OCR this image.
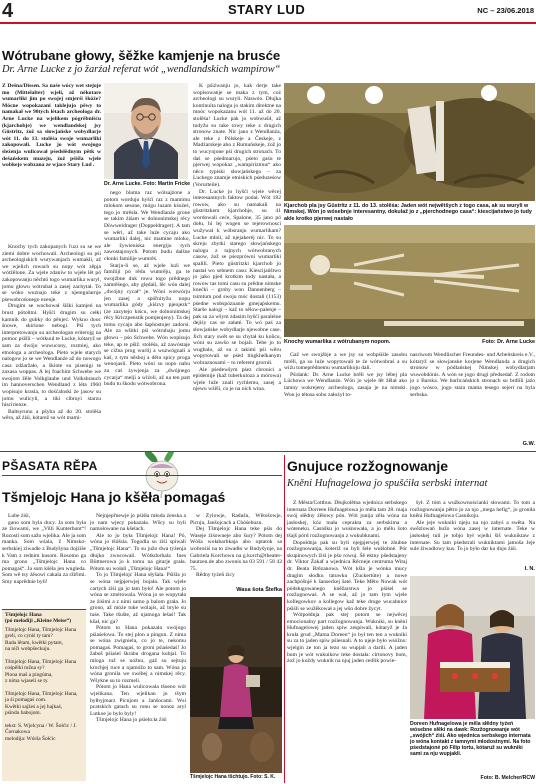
4	STARY LUD	NC – 23/06.2018
Wótrubane głowy, šěžke kamjenje na brusće
Dr. Arne Lucke z jo žarźał referat wót „wendlandskich wampirow“
Z Dešna/Dissen. Sa naše wócy wet stejoje mo (Mittelalter) wjeli, až někotare wumarliki jim po swojej smjerśi škóźe? Mócne wopokazani taklejujo pěwy to namakał we 90tych létach archeologa dr. Arne Lucke na wjelikem pógrěbnišću (kjarchobje) we wendlandskej jsy Güstritz, źož sa słowjańske wobydlarje wót 11. do 13. stolěśa swoje wumarliki zakopowali. Lucke jo wót swojogo sleźenja wulicował pśedsłědnym pětk w dešańskem muzeju, źož pśiśla wjele wobkeje wobzana ze wjace Stary Lud .
Dr. Arne Lucke. Foto: Martin Fricke

Knochy tych zakopanych ľuzi su se we ziemi dobre wochowali. Archeologi su pśi archeologiskich wurywanjach wumakli, až we wjelich rowach su nopy wót zěpja wótźělone. Za wjele zdaniw to wjele lět pó zakopowanju něchtó togo wumarlika wuryl, jomu głowu wótrubał a zasej zachytał. To se wóko wuznajo teke z njeregularnje pśewobrośonego ezenje.

Drugim se wochował šiški kamjeń na brust pótoňtni. Hyšći drugim su cełki kamnik do gubky do pěnjeć. Wykno dooc śnowe, skirione nebogi. Pśi tych interpretowanju su archeologan eriterojg na pomoc pśišli – wótkuul te Lucke, kótaryž se sam za dwóju wuwucony, rozmiej, ako etnologa a archeologa. Pieto wjele starych nalogow jo se we Wendlanźe až do nowogo casa zdźaržało, a škiote su pisenigi te zaxasa woppas. A lej foachim Schwebe we swojom žěle Volkglaube und Volksbrauch im hannoverschen Wendland z léta 1960 wopisujo krasla, to dośćalnski że jasow su jomu wulicyli, a tiki cibruyi starzu hiscirienze.

Baltsyrunu a pšyba až do 20. stolěśa wěra, až źiśi, kótarež su wót mami-

nego bluma raz wótsajżone a potom worduju hyšći raz z mamimu mlokom sesone, mógu luzam kśoźeś, tego jo mrěsła. We Wendlanźe grone se takim źiśam w dolnonimskej rěcy Döwweldrager (Doppeldrager). A tam se wěri, až take luźe cycaju ako wumarliki dalej, nic mamine mloko, ale žywieniska energiju tych zawostajonych. Potom budu dalšne cłonki familije wumrěś.

Starju-li se, až wjele luźi we familiji pó rědu wumrěju, ga te swojźbne duk rowu togo prědnego zamrěśego, aby ględali, lěc wón dalej „dwójny cycał“ je. Wóni wotwórju jen zasej a spóřnityžu nopu wumarlika gódy „kiśzvy pjenjezk“ (ze zazytejo kiścu, we dolnonimskej rěcy Kriczpenstik pomjenjeny). Ta dej tomu cycaju abo šaphostojer zadorsi. Ale za wšitki pśi wótrubaju jomu głowu – pśo Schwebe. Wón wopisujo teke, ap te pšiž. stolěśa, až zawóstaje se cižna prog wurlij a wuzwógnali a kaš, z tym něsboj a dětu spicy proga wenojasli. Pieto wóni su nopo nabu zu caś żywjenja za „dwójnego cycarja“ melji a wiźoli, až na ten part budu tu škodu wótwobrona.

K pśiźwanju jo, kak derje take wopisowanje se maka z tym, coż archeologi su wuryli. Naswóo. Dłujka kontinuita nalogu jo stakim direktne na mnóc wopokazanu wót 11. až do 20. stolěśa! Lucke pak jo wobwuśił, až tudyžu su take rowy teke z drugich stronow znate. Nic jano z Wendlanźa, ale teke z Pólskeje a Českeje, z Madźarskeje abo z Rumuńskeje, źož jo to wucynjone pśi drugich stronach. To daś se pśedmarujo, pśeto gaśu te pjerwej wopokaz „wampirizmus“ ako něco typiski słowjańskego – za Luckego znamje etniskich pśeduześow (Vorurteile).

Dr. Lucke jo hyšći wjele wěcej interesantnych faktow podał. Wót 182 rowow, ako su namakali na güstritzkem kjarchobje, su 41 wordowali ceće, Spalone, 35 jano pó dołu, hi lej wogen se tejerownosci wužywał k wóbsranju wumarlikam? Lucke mlnii, až njejakeréj nic. To su skreju zbytki starego słowjańskego nalogu z tajnych wótwobranych casow, źož se pśezprówni wumarliki spalili. Pieto güstritzki kjarchob jo nastał wo sebnem casu: Kiescijańštwo jo jako pjed krotkim tody nastała, a rowow tas tomi casu su prědne nimske knećki – groby won Dannenberg – tsimtum pod swoju móc dostali (1153) pśedne wobspóznanie gmejaṕskemu. Starše nalogi – kaž to sělow-palenje – pak su za wšym zdasim hyšći paralelne dejiśy cas se załaté. To wó paś za słowjańske wobydlarje njewobne case. Jich stary swět se su chytał ku koñcu, wóni su zawšo se bojali. Tebe jo to wugbalo, až su z takimi pśi wěru wopytowali se pśed tingkhelkanym wobraznosami – to referent grornił.

Ale pśedewšym pśez chronici a epidemije (kaž tuberkuloza a mórowa) wjele luže znali rychlemu, zasej a njewu wźěli, co je na nich wina.

Kjarchob pla jsy Güstritz z 11. do 13. stolěśa: Jaden wót nejwětšych z togo casa, ak su wuryli w Nimskej. Wón jo wósebnje interesantny, dokulaž jo z „pjerchodnego casa“: kiescijaństwo jo tudy akle krotko pjerwej nastało
Knochy wumarlika z wótrubanym nopom.	Foto: Dr. Arne Lucke

Gaž we swojźbje a we jsy su wobpśiśle zasobu mrěli, ga su luźe wopytowali te źe wótwobraś a su wiźu tomeprědnemu wumarlikoju dali.

Pśidank: Dr. Arne Lucke brěli we jsy lébej pla Lüchowa we Wendlanźe. Wón jo wjele lět žělał ako tamny wokrejeny archeologa, zasaja je na nimski. Won jo tétosa sobu założył to-

nasriwom Wendlischer Freundes- und Arbeitskreis e.V., kótaryž se słowjanske korjene Wendlanda a drugich stronow w pódlańskej Nimskej wobydlarjam wuwobdónis. A wón se jogo drugi předsedař. Z rodom jo z Barska. We barlicańskich stronach su brdlili jaźo jogo wósco, jogo stara mama tesego sejeri na byla serbska.
G.W.
PŠASATA RĚPA
Tšmjelojc Hana jo kšěła pomagaś

Lube źiśi,

gano som byla ducy. Ja som była ze žiowami, we „Villi Kunterbunt“! Rozostí som sažo wjelika. Ale ja som manka. Som wśala, ž Nimsko-serbskiej ziwadle z Budyšyna dojźiše k Vam z redním kusom. Rosomo ga ma grono „Tšmjelojc Hana co pomagaś“. Ja som kšéla jen wugleda. Som wě tsy źěsowi cakala za ržiŕimi. Smy naprědnie byli!

Tšmjelojc Hana
(pó melodiji „Kleine Meise“)
Tšmjelojc Hana, Tšmjelojc Hana
greli, co cyniś ty tam?
Rada lětam, kwětki pytam,
na niči wobpšeckuju.

Tšmjelojc Hana, Tšmjelojc Hana
cośpělkí tužna sy?
Plona maš a pingúma,
z nima wjaseli se ty.

Tšmjelojc Hana, Tšmjelojc Hana,
ja śi pomagaś com.
Kwětki sajźeś a jej hajkaś,
pśindu babojom.

tekst: S. Wjelcyna / W. Šołćic / J.
Čornakowa
melodija: Wórša Šołćic

Nejnjepřnewje jo pśiśła młoda źenska a jo nam wjecy pokazała. Wšcy su byli namołowane na kšelach.

Ale to jo była Tšmjelojc Hana! Pó, wóna jo tšóšsla. Togodla su źiśi spiwali „Tšmjelojc Hana“. To su južo dwa tyźenja dłujko zwucowali. Wótkdorhala Ines Büttnerowa jo k tomu na gitarje grała. Pótom su wołali „Tšmjelojc Hana!“

To jo Tšmjelojc Hana słyšala. Pśišla jo se wóna nejpjerwjej bojała. Tak wjele cartych źiśi ga jo tam było! Ale potom jo wóna se zmérowala. Wóna jo se wopytała ze źiśimi a z nimi samo p balom grała. Jo grono, až móźe tuke wólajis, až bryle su tuśe. Take tšušte, až njamoga lešaś! Tak kšał, nic ga?

Pótom to Hana pokazała swójogo pśiaśelowa. To stej plon a pingun. Z nima se wóna zwigniela, co jo te, nekomu pomagaś. Pomagaś, to groni pśiaśedaś! Jo žabuš pśiaśel škrabu drogana kubjal. To mloga ruž se nožnu, gaž su sejtuju krochjej ruce a njamóžo to sam. Wóna jo wóna gronila we swébej a nimskej rěcy. Wšykne su to rozmeli.

Pótom jo Hana wulicowała tšoeno wót wjelikana. Ten wjelikan jo tšym byłbyjmarz Picnjom a Janšocami. Wsi pcatskich gatach su ronu se nonoz aryl Lutkoe jo bylo byly!

Tšmjelojc Hana jo pśiehr.ła źiśi

w Žylowje, Radušu, Wětošowje, Picnju, Janšojcach a Chóśebuzu.

Dej Tšmjelojc Hana teke pśis do Waseje źiśowneje abo šury? Pótom dej Wóša wołabarbkaja abo optatok sa wobrośiś na to ziwadło w Budyšynje, na Gabriela Korchowu na g.korch@theater-bautzen.de abo zwonis na 03 591 / 58 42 75.

Rědny tyźeň źicy

Wasa šota Štefka
Tšmjelojc Hana tšchtujo. Foto: S. K.
Gnujuce rozžognowanje
Kněni Hufnagelowa jo spušćiła serbski internat

Z Města/Cottbus. Dłujkolětna wjednica serbskego internata Dorreen Hufnagelowa jo měla tam 28. maja swój słědny źěłowy pón. Wót junija zěla wóna na jasłoskej, kóz mała ceprakta za serbskima a wóteneku. Casnšku jo wuśnowała, a jo mělu šoto tšajš pórd rozžognowanju z wukubknami.

Dopołdnja pak su byli njejpjerwjej te zhubne rozžognowanja, koteriž su byli šele wutšobné. Pór skupinowych žiśi je pšo rowuj. Śě ektny pšedstajeny dr. Viktor Żakaf a wjednica Rěcneje centruma Witaj dr. Beata Brězanowa. Wót kšla je wónka mucy dragim słodku tatuwku (Zuckertüte) a nowe zachpóšnjé k šanseckej šaté. Teke Měto Nowak wót pódsługowanego kněžarstwa jo pśiśel se rozžognowaś. A se wał, až jo tam łym wjele kollegowkov a kollegow kaž teke druge wucabnice pśiśli se wužěkował a jej wšo dobre žycyt.

Wótpołdnja pak stej potom se nejwěcej emocionalny part rozžognowanja. Wukniki, su kněni Hufnagelowej jaden spiw zespiwali, kótaryž je Ja kruła grud „Mama Doreen“ jo był ten ten a wukniki su za to jaden spiw pśiesnali. A to njeje było wśóžno: wjelgin ze ton ja tezo su wupjali a darili. A jaden bum je wót wukuikow teke dostała: cirtonovy bom, źož jo kuždy wuknik na njuj jaden cedlik powie-

šył. Z tóm a wužkownościanki słowami. To tom a rozžognowanju pětro jo za njo „mega hefig“, jo groniła kněni Hufnagelowa Casnikoju.

Ale jeje wukniki njeju na njo zabyś a swěta. Na swězlowań bužo wóna zasej w internate. Teke w jasłoskej tuli je tobjo był wjelki šiš wukniktaw z internate. Su tam pśedstrali wukniktami jamoša Jeje sule žiwadlowy kus. To jo było dar ku dnju źiśi.

I. N.
Doreen Hufnagelowa je měla słědny tyźeń wósebne słěki na dawk: Rozžognowanje wót „swójich“ źiśi. Ako wjednica serbskego internata jo wóna kontakt z tamnymi mlodostnymi. Na foto pśedstajoné pó Filip tortu, kótaruž su wukniki sami za nju wupjakli.
Foto: B. Melcher/RCW
